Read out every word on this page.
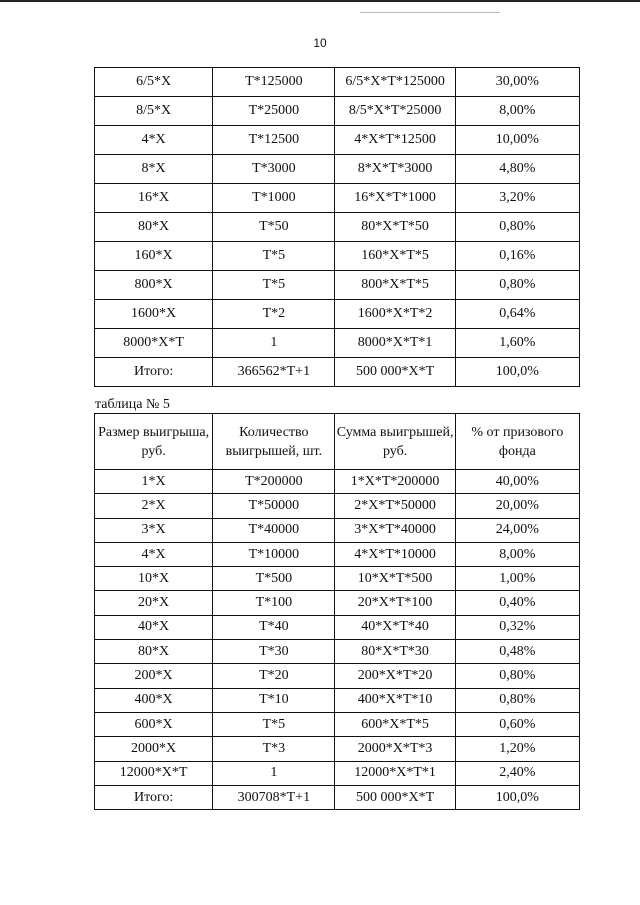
10
6/5*X	T*125000	6/5*X*T*125000	30,00%
8/5*X	T*25000	8/5*X*T*25000	8,00%
4*X	T*12500	4*X*T*12500	10,00%
8*X	T*3000	8*X*T*3000	4,80%
16*X	T*1000	16*X*T*1000	3,20%
80*X	T*50	80*X*T*50	0,80%
160*X	T*5	160*X*T*5	0,16%
800*X	T*5	800*X*T*5	0,80%
1600*X	T*2	1600*X*T*2	0,64%
8000*X*T	1	8000*X*T*1	1,60%
Итого:	366562*T+1	500 000*X*T	100,0%
таблица № 5
Размер выигрыша, руб.	Количество выигрышей, шт.	Сумма выигрышей, руб.	% от призового фонда
1*X	T*200000	1*X*T*200000	40,00%
2*X	T*50000	2*X*T*50000	20,00%
3*X	T*40000	3*X*T*40000	24,00%
4*X	T*10000	4*X*T*10000	8,00%
10*X	T*500	10*X*T*500	1,00%
20*X	T*100	20*X*T*100	0,40%
40*X	T*40	40*X*T*40	0,32%
80*X	T*30	80*X*T*30	0,48%
200*X	T*20	200*X*T*20	0,80%
400*X	T*10	400*X*T*10	0,80%
600*X	T*5	600*X*T*5	0,60%
2000*X	T*3	2000*X*T*3	1,20%
12000*X*T	1	12000*X*T*1	2,40%
Итого:	300708*T+1	500 000*X*T	100,0%
